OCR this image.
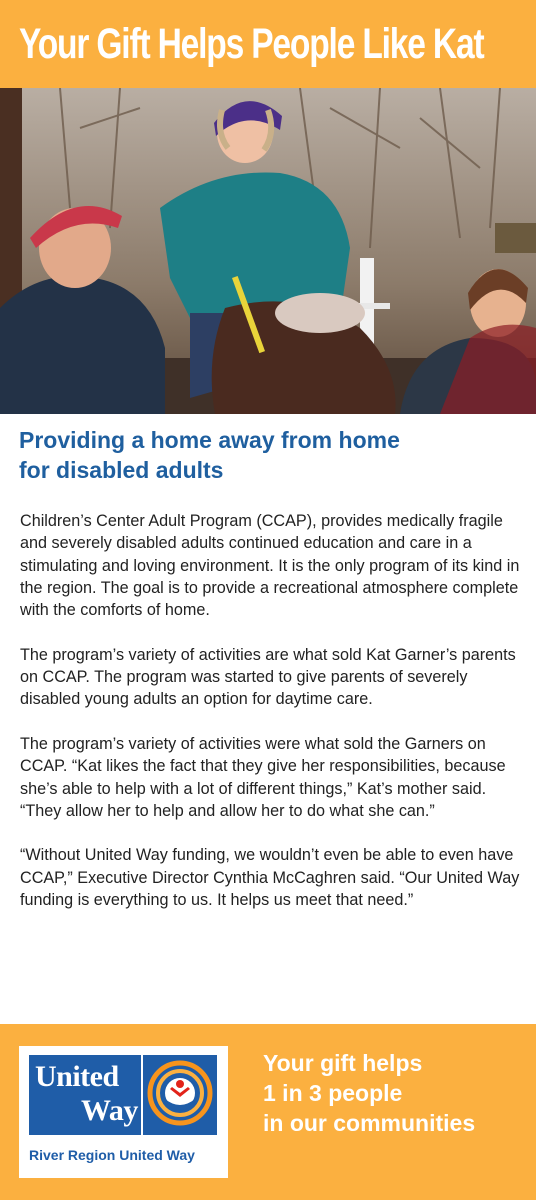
Your Gift Helps People Like Kat
Providing a home away from home
for disabled adults

Children’s Center Adult Program (CCAP), provides medically fragile and severely disabled adults continued education and care in a stimulating and loving environment. It is the only program of its kind in the region. The goal is to provide a recreational atmosphere complete with the comforts of home.

The program’s variety of activities are what sold Kat Garner’s parents on CCAP. The program was started to give parents of severely disabled young adults an option for daytime care.

The program’s variety of activities were what sold the Garners on CCAP. “Kat likes the fact that they give her responsibilities, because she’s able to help with a lot of different things,” Kat’s mother said. “They allow her to help and allow her to do what she can.”

“Without United Way funding, we wouldn’t even be able to even have CCAP,” Executive Director Cynthia McCaghren said. “Our United Way funding is everything to us. It helps us meet that need.”

United
Way
River Region United Way
Your gift helps
1 in 3 people
in our communities
